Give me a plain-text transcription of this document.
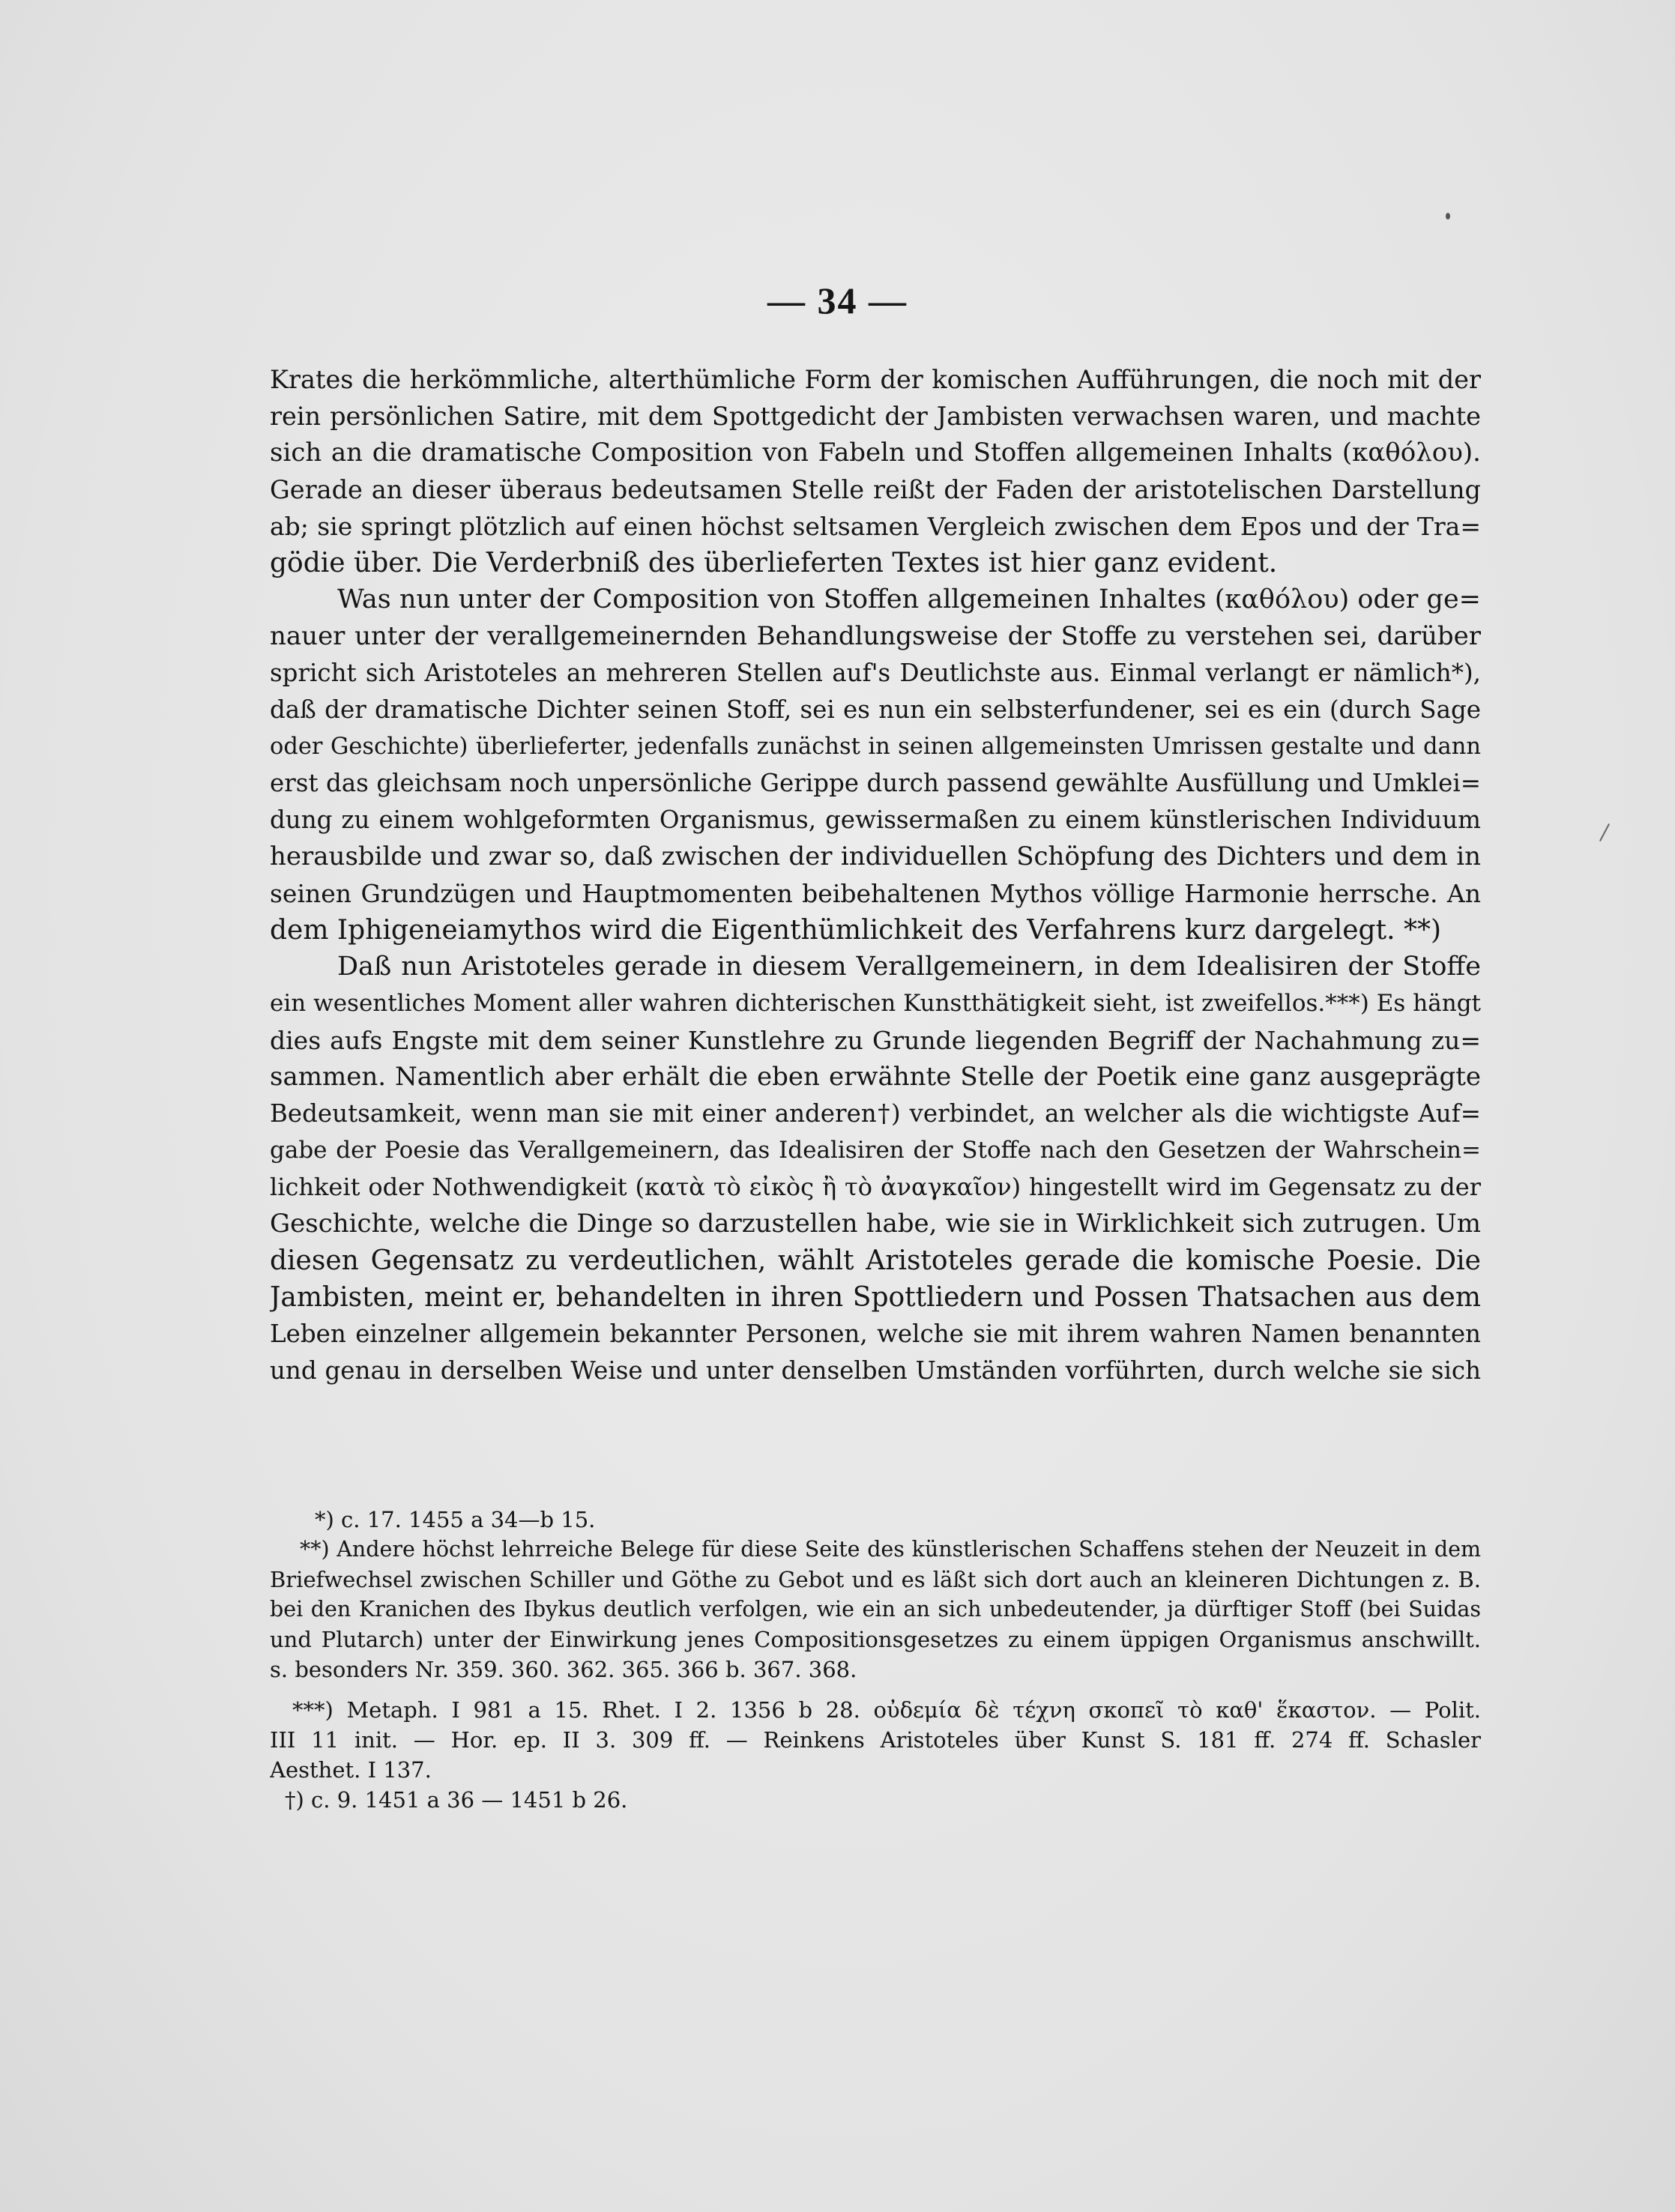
— 34 —
Krates die herkömmliche, alterthümliche Form der komischen Aufführungen, die noch mit der
rein persönlichen Satire, mit dem Spottgedicht der Jambisten verwachsen waren, und machte
sich an die dramatische Composition von Fabeln und Stoffen allgemeinen Inhalts (καθόλου).
Gerade an dieser überaus bedeutsamen Stelle reißt der Faden der aristotelischen Darstellung
ab; sie springt plötzlich auf einen höchst seltsamen Vergleich zwischen dem Epos und der Tra=
gödie über. Die Verderbniß des überlieferten Textes ist hier ganz evident.
Was nun unter der Composition von Stoffen allgemeinen Inhaltes (καθόλου) oder ge=
nauer unter der verallgemeinernden Behandlungsweise der Stoffe zu verstehen sei, darüber
spricht sich Aristoteles an mehreren Stellen auf's Deutlichste aus. Einmal verlangt er nämlich*),
daß der dramatische Dichter seinen Stoff, sei es nun ein selbsterfundener, sei es ein (durch Sage
oder Geschichte) überlieferter, jedenfalls zunächst in seinen allgemeinsten Umrissen gestalte und dann
erst das gleichsam noch unpersönliche Gerippe durch passend gewählte Ausfüllung und Umklei=
dung zu einem wohlgeformten Organismus, gewissermaßen zu einem künstlerischen Individuum
herausbilde und zwar so, daß zwischen der individuellen Schöpfung des Dichters und dem in
seinen Grundzügen und Hauptmomenten beibehaltenen Mythos völlige Harmonie herrsche. An
dem Iphigeneiamythos wird die Eigenthümlichkeit des Verfahrens kurz dargelegt. **)
Daß nun Aristoteles gerade in diesem Verallgemeinern, in dem Idealisiren der Stoffe
ein wesentliches Moment aller wahren dichterischen Kunstthätigkeit sieht, ist zweifellos.***) Es hängt
dies aufs Engste mit dem seiner Kunstlehre zu Grunde liegenden Begriff der Nachahmung zu=
sammen. Namentlich aber erhält die eben erwähnte Stelle der Poetik eine ganz ausgeprägte
Bedeutsamkeit, wenn man sie mit einer anderen†) verbindet, an welcher als die wichtigste Auf=
gabe der Poesie das Verallgemeinern, das Idealisiren der Stoffe nach den Gesetzen der Wahrschein=
lichkeit oder Nothwendigkeit (κατὰ τὸ εἰκὸς ἢ τὸ ἀναγκαῖον) hingestellt wird im Gegensatz zu der
Geschichte, welche die Dinge so darzustellen habe, wie sie in Wirklichkeit sich zutrugen. Um
diesen Gegensatz zu verdeutlichen, wählt Aristoteles gerade die komische Poesie. Die
Jambisten, meint er, behandelten in ihren Spottliedern und Possen Thatsachen aus dem
Leben einzelner allgemein bekannter Personen, welche sie mit ihrem wahren Namen benannten
und genau in derselben Weise und unter denselben Umständen vorführten, durch welche sie sich
*) c. 17. 1455 a 34—b 15.
**) Andere höchst lehrreiche Belege für diese Seite des künstlerischen Schaffens stehen der Neuzeit in dem
Briefwechsel zwischen Schiller und Göthe zu Gebot und es läßt sich dort auch an kleineren Dichtungen z. B.
bei den Kranichen des Ibykus deutlich verfolgen, wie ein an sich unbedeutender, ja dürftiger Stoff (bei Suidas
und Plutarch) unter der Einwirkung jenes Compositionsgesetzes zu einem üppigen Organismus anschwillt.
s. besonders Nr. 359. 360. 362. 365. 366 b. 367. 368.
***) Metaph. I 981 a 15. Rhet. I 2. 1356 b 28. οὐδεμία δὲ τέχνη σκοπεῖ τὸ καθ' ἕκαστον. — Polit.
III 11 init. — Hor. ep. II 3. 309 ff. — Reinkens Aristoteles über Kunst S. 181 ff. 274 ff. Schasler
Aesthet. I 137.
†) c. 9. 1451 a 36 — 1451 b 26.
